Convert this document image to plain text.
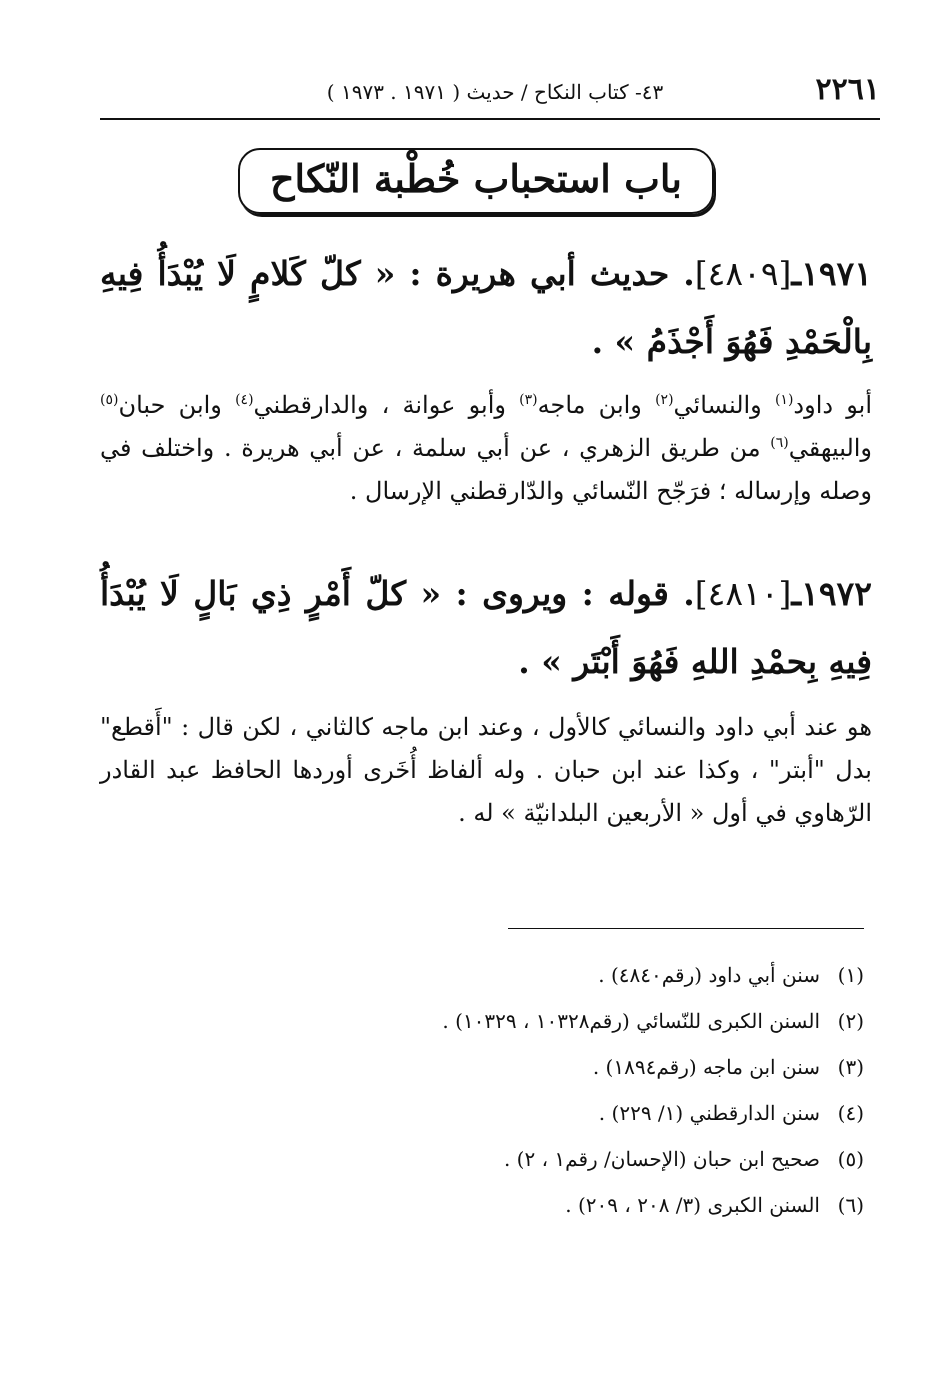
٢٢٦١
٤٣- كتاب النكاح / حديث ( ١٩٧١ . ١٩٧٣ )
باب استحباب خُطْبة النّكاح
١٩٧١ـ[٤٨٠٩]. حديث أبي هريرة : « كلّ كَلامٍ لَا يُبْدَأُ فِيهِ بِالْحَمْدِ فَهُوَ أَجْذَمُ » .
أبو داود$^{(١)}$ والنسائي$^{(٢)}$ وابن ماجه$^{(٣)}$ وأبو عوانة ، والدارقطني$^{(٤)}$ وابن حبان$^{(٥)}$ والبيهقي$^{(٦)}$ من طريق الزهري ، عن أبي سلمة ، عن أبي هريرة . واختلف في وصله وإرساله ؛ فرَجّح النّسائي والدّارقطني الإرسال .
١٩٧٢ـ[٤٨١٠]. قوله : ويروى : « كلّ أَمْرٍ ذِي بَالٍ لَا يُبْدَأُ فِيهِ بِحمْدِ اللهِ فَهُوَ أَبْتَر » .
هو عند أبي داود والنسائي كالأول ، وعند ابن ماجه كالثاني ، لكن قال : "أَقطع" بدل "أبتر" ، وكذا عند ابن حبان . وله ألفاظ أُخَرى أوردها الحافظ عبد القادر الرّهاوي في أول « الأربعين البلدانيّة » له .
(١)سنن أبي داود (رقم٤٨٤٠) .
(٢)السنن الكبرى للنّسائي (رقم١٠٣٢٨ ، ١٠٣٢٩) .
(٣)سنن ابن ماجه (رقم١٨٩٤) .
(٤)سنن الدارقطني (١/ ٢٢٩) .
(٥)صحيح ابن حبان (الإحسان/ رقم١ ، ٢) .
(٦)السنن الكبرى (٣/ ٢٠٨ ، ٢٠٩) .
